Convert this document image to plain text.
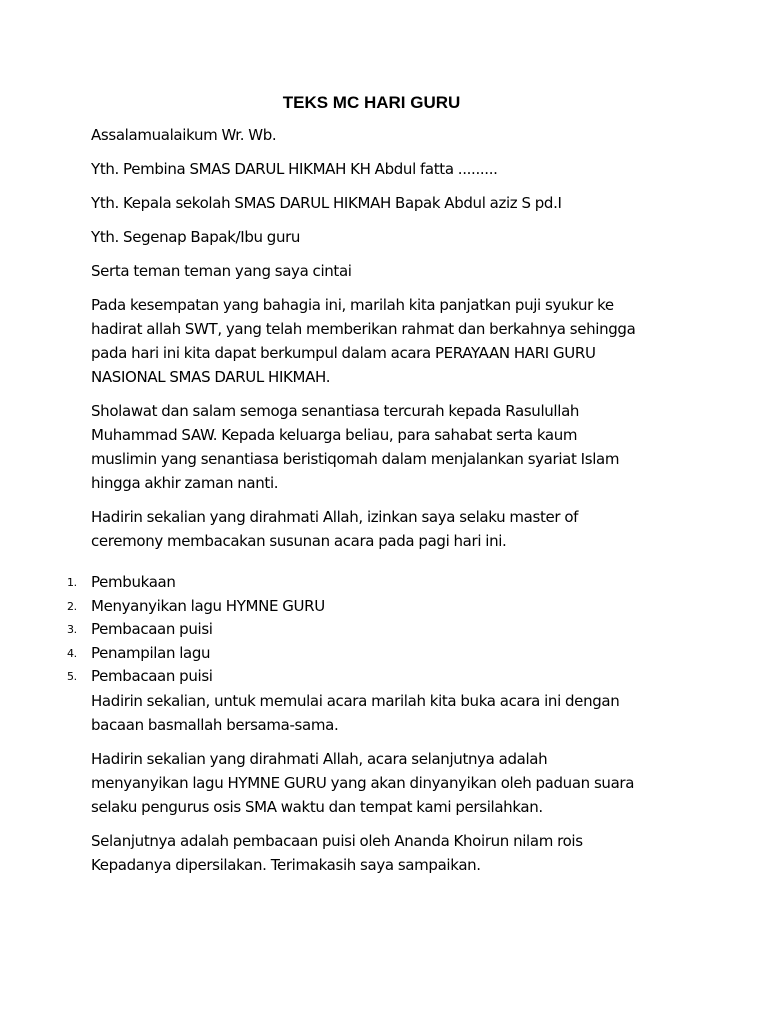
TEKS MC HARI GURU

Assalamualaikum Wr. Wb.

Yth. Pembina SMAS DARUL HIKMAH KH Abdul fatta .........

Yth. Kepala sekolah SMAS DARUL HIKMAH Bapak Abdul aziz S pd.I

Yth. Segenap Bapak/Ibu guru

Serta teman teman yang saya cintai

Pada kesempatan yang bahagia ini, marilah kita panjatkan puji syukur ke
hadirat allah SWT, yang telah memberikan rahmat dan berkahnya sehingga
pada hari ini kita dapat berkumpul dalam acara PERAYAAN HARI GURU
NASIONAL SMAS DARUL HIKMAH.

Sholawat dan salam semoga senantiasa tercurah kepada Rasulullah
Muhammad SAW. Kepada keluarga beliau, para sahabat serta kaum
muslimin yang senantiasa beristiqomah dalam menjalankan syariat Islam
hingga akhir zaman nanti.

Hadirin sekalian yang dirahmati Allah, izinkan saya selaku master of
ceremony membacakan susunan acara pada pagi hari ini.

1. Pembukaan
2. Menyanyikan lagu HYMNE GURU
3. Pembacaan puisi
4. Penampilan lagu
5. Pembacaan puisi

Hadirin sekalian, untuk memulai acara marilah kita buka acara ini dengan
bacaan basmallah bersama-sama.

Hadirin sekalian yang dirahmati Allah, acara selanjutnya adalah
menyanyikan lagu HYMNE GURU yang akan dinyanyikan oleh paduan suara
selaku pengurus osis SMA waktu dan tempat kami persilahkan.

Selanjutnya adalah pembacaan puisi oleh Ananda Khoirun nilam rois
Kepadanya dipersilakan. Terimakasih saya sampaikan.
